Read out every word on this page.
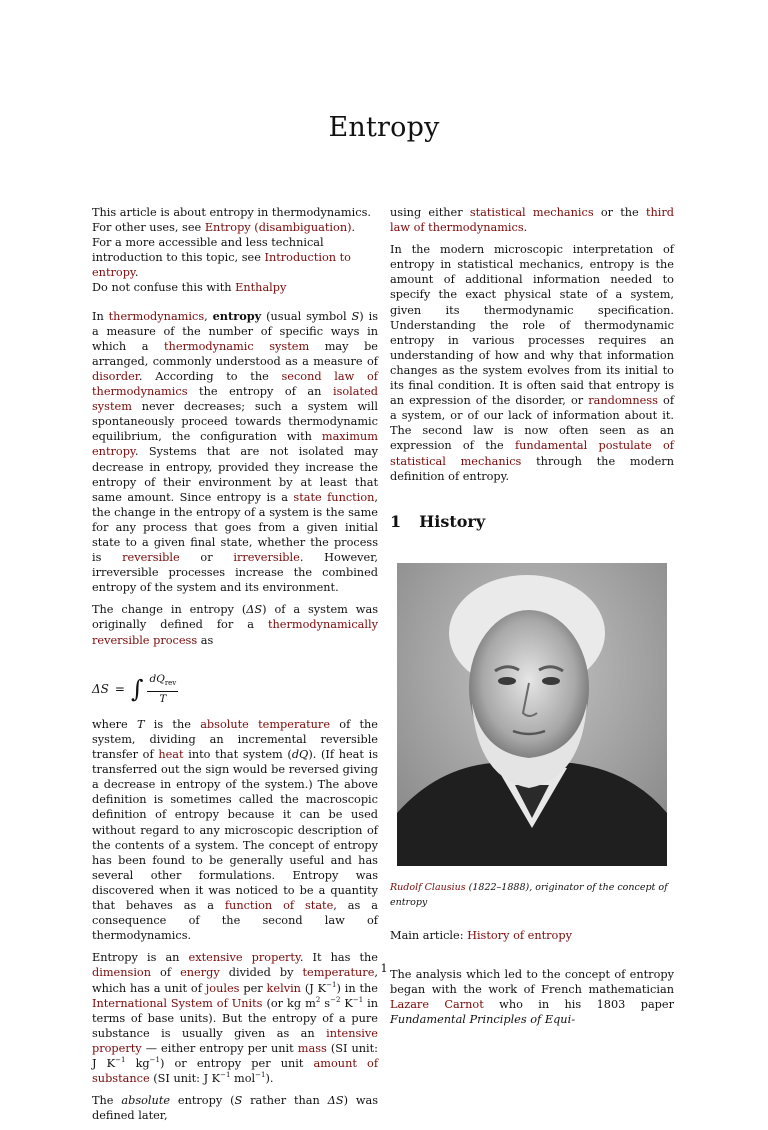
Entropy

This article is about entropy in thermodynamics. For other uses, see Entropy (disambiguation).

For a more accessible and less technical introduction to this topic, see Introduction to entropy.

Do not confuse this with Enthalpy

In thermodynamics, entropy (usual symbol S) is a measure of the number of specific ways in which a thermodynamic system may be arranged, commonly understood as a measure of disorder. According to the second law of thermodynamics the entropy of an isolated system never decreases; such a system will spontaneously proceed towards thermodynamic equilibrium, the configuration with maximum entropy. Systems that are not isolated may decrease in entropy, provided they increase the entropy of their environment by at least that same amount. Since entropy is a state function, the change in the entropy of a system is the same for any process that goes from a given initial state to a given final state, whether the process is reversible or irreversible. However, irreversible processes increase the combined entropy of the system and its environment.

The change in entropy (ΔS) of a system was originally defined for a thermodynamically reversible process as

ΔS = ∫ $\frac{dQ_{rev}}{T}$

where T is the absolute temperature of the system, dividing an incremental reversible transfer of heat into that system (dQ). (If heat is transferred out the sign would be reversed giving a decrease in entropy of the system.) The above definition is sometimes called the macroscopic definition of entropy because it can be used without regard to any microscopic description of the contents of a system. The concept of entropy has been found to be generally useful and has several other formulations. Entropy was discovered when it was noticed to be a quantity that behaves as a function of state, as a consequence of the second law of thermodynamics.

Entropy is an extensive property. It has the dimension of energy divided by temperature, which has a unit of joules per kelvin (J $K^{-1}$) in the International System of Units (or kg $m^2$ $s^{-2}$ $K^{-1}$ in terms of base units). But the entropy of a pure substance is usually given as an intensive property — either entropy per unit mass (SI unit: J $K^{-1}$ $kg^{-1}$) or entropy per unit amount of substance (SI unit: J $K^{-1}$ mol$^{-1}$).

The absolute entropy (S rather than ΔS) was defined later,

using either statistical mechanics or the third law of thermodynamics.

In the modern microscopic interpretation of entropy in statistical mechanics, entropy is the amount of additional information needed to specify the exact physical state of a system, given its thermodynamic specification. Understanding the role of thermodynamic entropy in various processes requires an understanding of how and why that information changes as the system evolves from its initial to its final condition. It is often said that entropy is an expression of the disorder, or randomness of a system, or of our lack of information about it. The second law is now often seen as an expression of the fundamental postulate of statistical mechanics through the modern definition of entropy.

1 History

Rudolf Clausius (1822–1888), originator of the concept of entropy

Main article: History of entropy

The analysis which led to the concept of entropy began with the work of French mathematician Lazare Carnot who in his 1803 paper Fundamental Principles of Equi-

1
